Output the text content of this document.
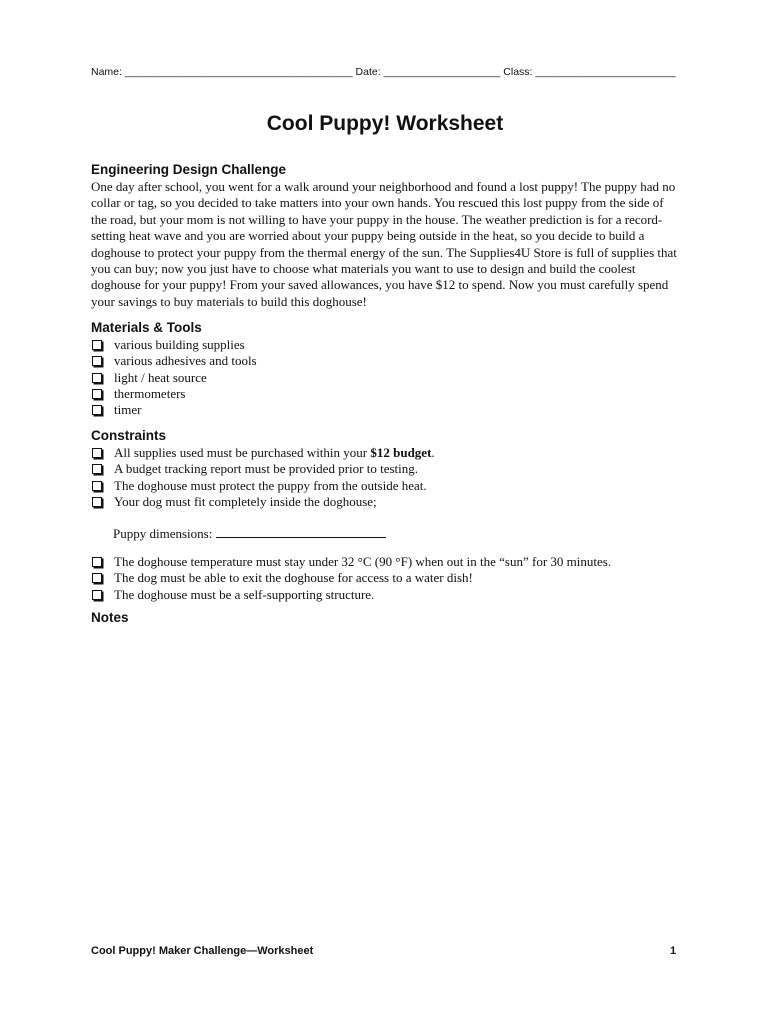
Name: _______________________________________ Date: ____________________ Class: ________________________
Cool Puppy! Worksheet
Engineering Design Challenge

One day after school, you went for a walk around your neighborhood and found a lost puppy! The puppy had no collar or tag, so you decided to take matters into your own hands. You rescued this lost puppy from the side of the road, but your mom is not willing to have your puppy in the house. The weather prediction is for a record-setting heat wave and you are worried about your puppy being outside in the heat, so you decide to build a doghouse to protect your puppy from the thermal energy of the sun. The Supplies4U Store is full of supplies that you can buy; now you just have to choose what materials you want to use to design and build the coolest doghouse for your puppy! From your saved allowances, you have $12 to spend. Now you must carefully spend your savings to buy materials to build this doghouse!

Materials & Tools
various building supplies
various adhesives and tools
light / heat source
thermometers
timer
Constraints
All supplies used must be purchased within your $12 budget.
A budget tracking report must be provided prior to testing.
The doghouse must protect the puppy from the outside heat.
Your dog must fit completely inside the doghouse;
Puppy dimensions:
The doghouse temperature must stay under 32 °C (90 °F) when out in the “sun” for 30 minutes.
The dog must be able to exit the doghouse for access to a water dish!
The doghouse must be a self-supporting structure.
Notes
Cool Puppy! Maker Challenge—Worksheet	1
